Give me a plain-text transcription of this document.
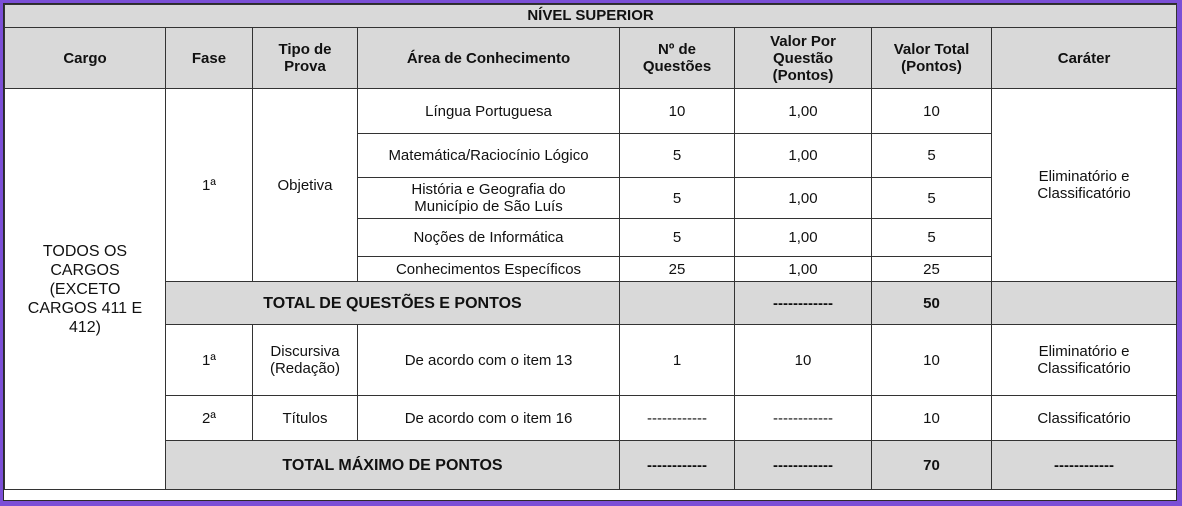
NÍVEL SUPERIOR							
Cargo	Fase	Tipo de Prova	Área de Conhecimento	Nº de Questões	Valor Por Questão (Pontos)	Valor Total (Pontos)	Caráter
TODOS OS CARGOS (EXCETO CARGOS 411 E 412)	1ª	Objetiva	Língua Portuguesa	10	1,00	10	Eliminatório e Classificatório
			Matemática/Raciocínio Lógico	5	1,00	5	
			História e Geografia do Município de São Luís	5	1,00	5	
			Noções de Informática	5	1,00	5	
			Conhecimentos Específicos	25	1,00	25	
	TOTAL DE QUESTÕES E PONTOS				------------	50	
	1ª	Discursiva (Redação)	De acordo com o item 13	1	10	10	Eliminatório e Classificatório
	2ª	Títulos	De acordo com o item 16	------------	------------	10	Classificatório
	TOTAL MÁXIMO DE PONTOS			------------	------------	70	------------
